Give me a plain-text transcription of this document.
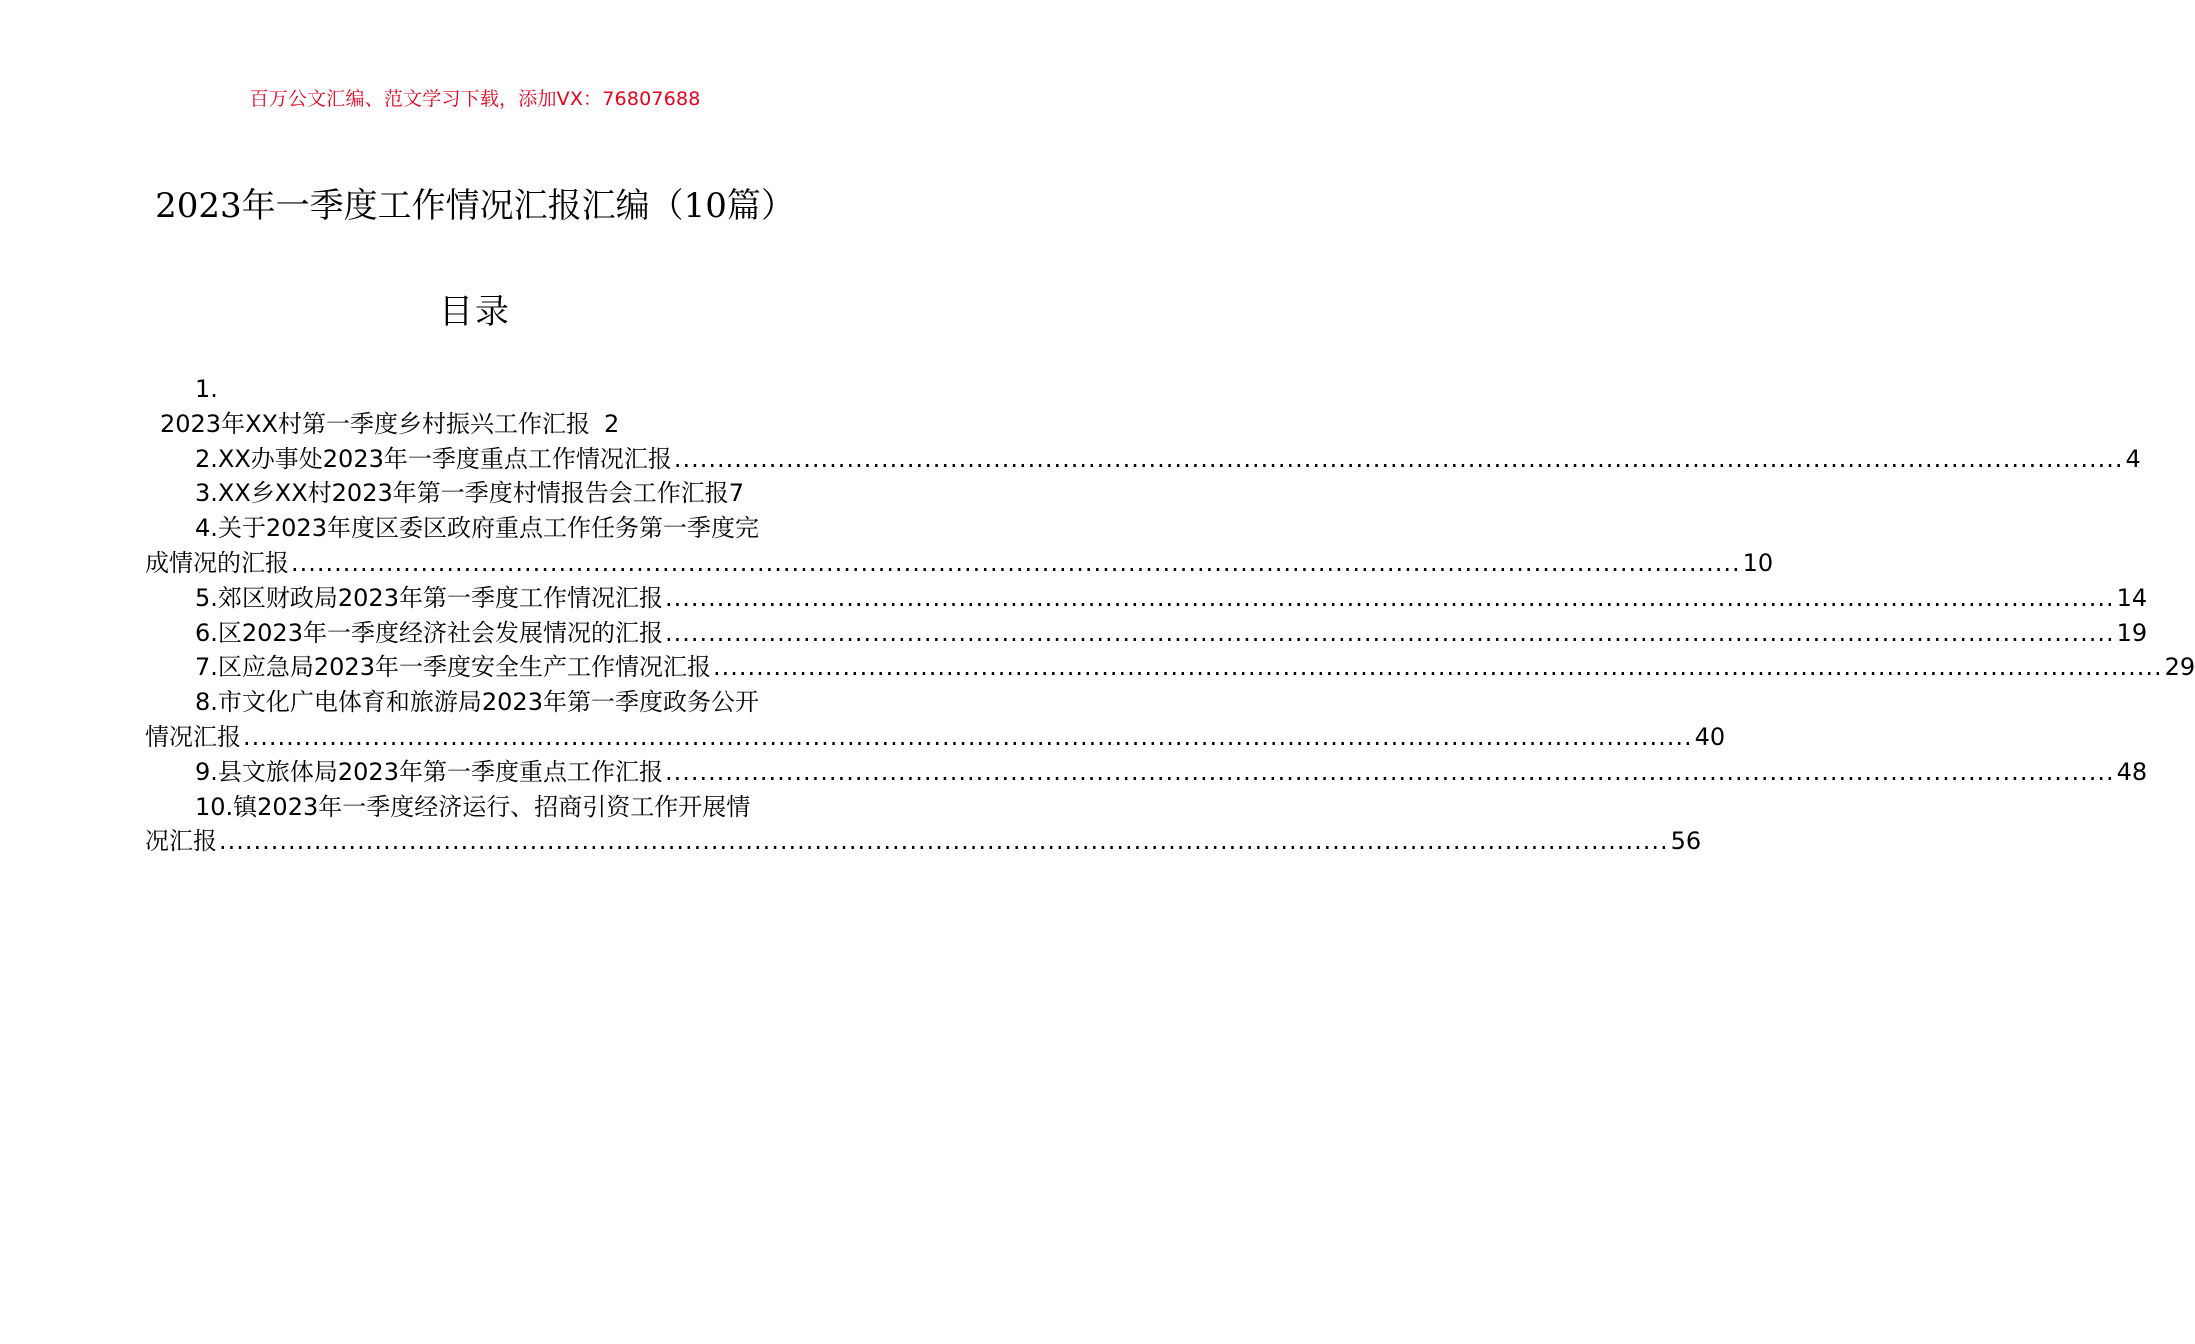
百万公文汇编、范文学习下载，添加VX：76807688
2023年一季度工作情况汇报汇编（10篇）
目录
1.
2023年XX村第一季度乡村振兴工作汇报 2
2.XX办事处2023年一季度重点工作情况汇报 .....	4
3.XX乡XX村2023年第一季度村情报告会工作汇报 7
4.关于2023年度区委区政府重点工作任务第一季度完
成情况的汇报 .....	10
5.郊区财政局2023年第一季度工作情况汇报 .....	14
6.区2023年一季度经济社会发展情况的汇报 .....	19
7.区应急局2023年一季度安全生产工作情况汇报 .....	29
8.市文化广电体育和旅游局2023年第一季度政务公开
情况汇报 .....	40
9.县文旅体局2023年第一季度重点工作汇报 .....	48
10.镇2023年一季度经济运行、招商引资工作开展情
况汇报 .....	56
